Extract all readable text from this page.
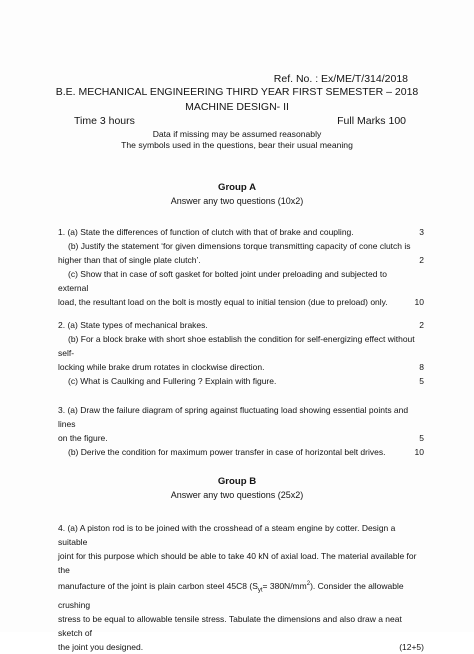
Ref. No. : Ex/ME/T/314/2018
B.E. MECHANICAL ENGINEERING THIRD YEAR FIRST SEMESTER – 2018
MACHINE DESIGN- II
Time 3 hours	Full Marks 100
Data if missing may be assumed reasonably
The symbols used in the questions, bear their usual meaning
Group A
Answer any two questions (10x2)
1. (a) State the differences of function of clutch with that of brake and coupling.	3
(b) Justify the statement ‘for given dimensions torque transmitting capacity of cone clutch is
higher than that of single plate clutch’.	2
(c) Show that in case of soft gasket for bolted joint under preloading and subjected to external
load, the resultant load on the bolt is mostly equal to initial tension (due to preload) only.	10
2. (a) State types of mechanical brakes.	2
(b) For a block brake with short shoe establish the condition for self-energizing effect without self-
locking while brake drum rotates in clockwise direction.	8
(c) What is Caulking and Fullering ? Explain with figure.	5
3. (a) Draw the failure diagram of spring against fluctuating load showing essential points and lines
on the figure.	5
(b) Derive the condition for maximum power transfer in case of horizontal belt drives.	10
Group B
Answer any two questions (25x2)
4. (a) A piston rod is to be joined with the crosshead of a steam engine by cotter. Design a suitable
joint for this purpose which should be able to take 40 kN of axial load. The material available for the
manufacture of the joint is plain carbon steel 45C8 $(S_{yt}= 380N/mm^2)$. Consider the allowable crushing
stress to be equal to allowable tensile stress. Tabulate the dimensions and also draw a neat sketch of
the joint you designed.	(12+5)
